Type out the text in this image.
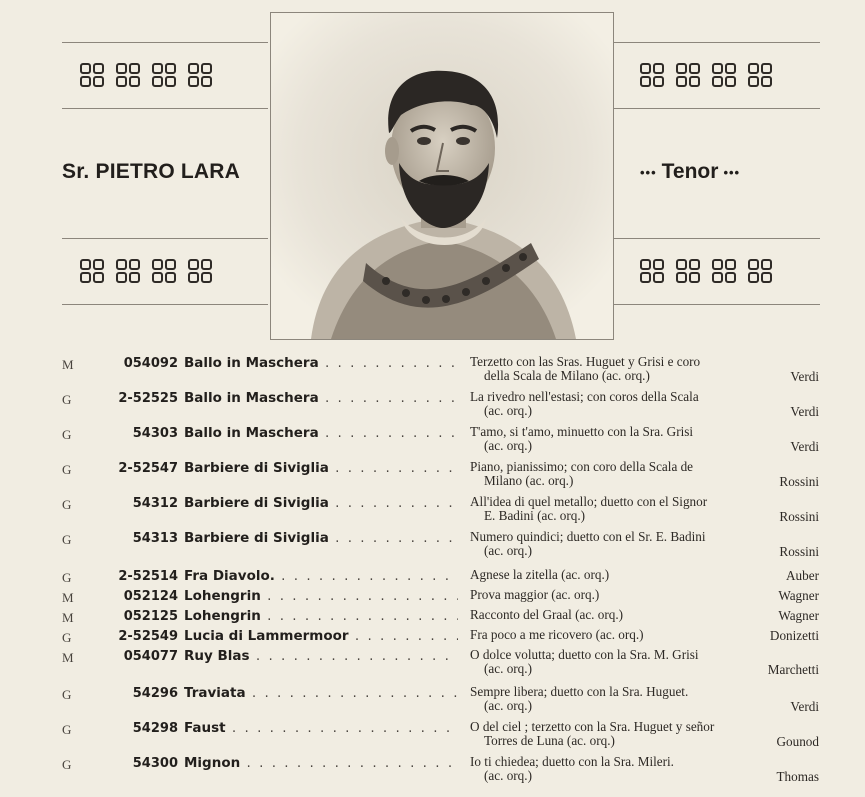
Sr. PIETRO LARA	••• Tenor •••
M	054092 Ballo in Maschera . . .	Terzetto con las Sras. Huguet y Grisi e coro
della Scala de Milano (ac. orq.)	Verdi
G	2-52525 Ballo in Maschera . . .	La rivedro nell'estasi; con coros della Scala
(ac. orq.)	Verdi
G	54303 Ballo in Maschera . . .	T'amo, si t'amo, minuetto con la Sra. Grisi
(ac. orq.)	Verdi
G	2-52547 Barbiere di Siviglia . . .	Piano, pianissimo; con coro della Scala de
Milano (ac. orq.)	Rossini
G	54312 Barbiere di Siviglia . . .	All'idea di quel metallo; duetto con el Signor
E. Badini (ac. orq.)	Rossini
G	54313 Barbiere di Siviglia . . .	Numero quindici; duetto con el Sr. E. Badini
(ac. orq.)	Rossini
G	2-52514 Fra Diavolo. . . .	Agnese la zitella (ac. orq.)	Auber
M	052124 Lohengrin . . .	Prova maggior (ac. orq.)	Wagner
M	052125 Lohengrin . . .	Racconto del Graal (ac. orq.)	Wagner
G	2-52549 Lucia di Lammermoor . . .	Fra poco a me ricovero (ac. orq.)	Donizetti
M	054077 Ruy Blas . . .	O dolce volutta; duetto con la Sra. M. Grisi
(ac. orq.)	Marchetti
G	54296 Traviata . . .	Sempre libera; duetto con la Sra. Huguet.
(ac. orq.)	Verdi
G	54298 Faust . . .	O del ciel ; terzetto con la Sra. Huguet y señor
Torres de Luna (ac. orq.)	Gounod
G	54300 Mignon . . .	Io ti chiedea; duetto con la Sra. Mileri.
(ac. orq.)	Thomas
